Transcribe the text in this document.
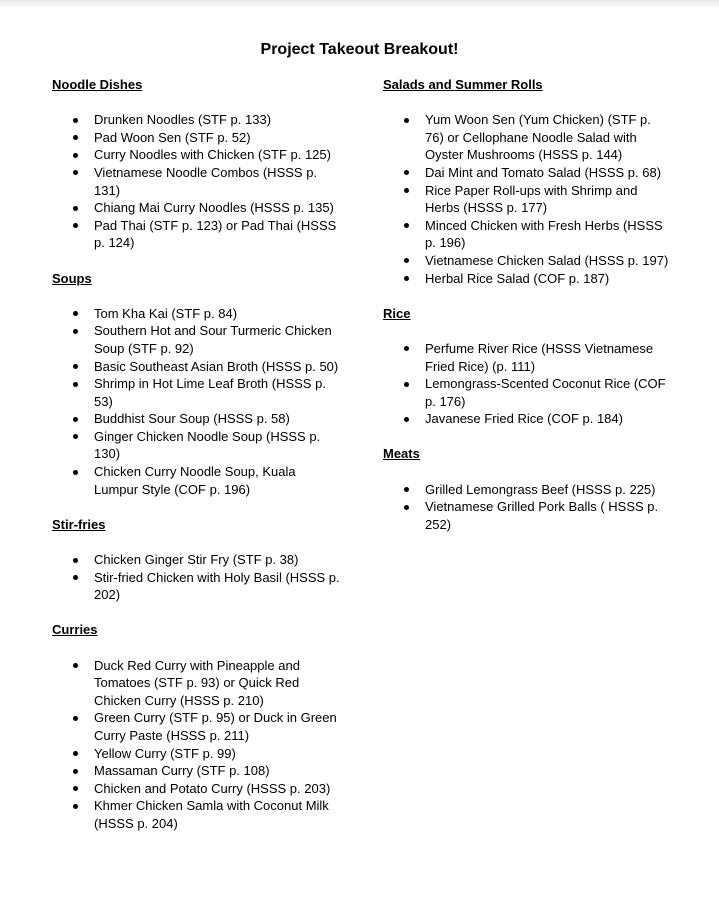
Project Takeout Breakout!
Noodle Dishes
Drunken Noodles (STF p. 133)
Pad Woon Sen (STF p. 52)
Curry Noodles with Chicken (STF p. 125)
Vietnamese Noodle Combos (HSSS p. 131)
Chiang Mai Curry Noodles (HSSS p. 135)
Pad Thai (STF p. 123) or Pad Thai (HSSS p. 124)
Soups
Tom Kha Kai (STF p. 84)
Southern Hot and Sour Turmeric Chicken Soup (STF p. 92)
Basic Southeast Asian Broth (HSSS p. 50)
Shrimp in Hot Lime Leaf Broth (HSSS p. 53)
Buddhist Sour Soup (HSSS p. 58)
Ginger Chicken Noodle Soup (HSSS p. 130)
Chicken Curry Noodle Soup, Kuala Lumpur Style (COF p. 196)
Stir-fries
Chicken Ginger Stir Fry (STF p. 38)
Stir-fried Chicken with Holy Basil (HSSS p. 202)
Curries
Duck Red Curry with Pineapple and Tomatoes (STF p. 93) or Quick Red Chicken Curry (HSSS p. 210)
Green Curry (STF p. 95) or Duck in Green Curry Paste (HSSS p. 211)
Yellow Curry (STF p. 99)
Massaman Curry (STF p. 108)
Chicken and Potato Curry (HSSS p. 203)
Khmer Chicken Samla with Coconut Milk (HSSS p. 204)
Salads and Summer Rolls
Yum Woon Sen (Yum Chicken) (STF p. 76) or Cellophane Noodle Salad with Oyster Mushrooms (HSSS p. 144)
Dai Mint and Tomato Salad (HSSS p. 68)
Rice Paper Roll-ups with Shrimp and Herbs (HSSS p. 177)
Minced Chicken with Fresh Herbs (HSSS p. 196)
Vietnamese Chicken Salad (HSSS p. 197)
Herbal Rice Salad (COF p. 187)
Rice
Perfume River Rice (HSSS Vietnamese Fried Rice) (p. 111)
Lemongrass-Scented Coconut Rice (COF p. 176)
Javanese Fried Rice (COF p. 184)
Meats
Grilled Lemongrass Beef (HSSS p. 225)
Vietnamese Grilled Pork Balls ( HSSS p. 252)
